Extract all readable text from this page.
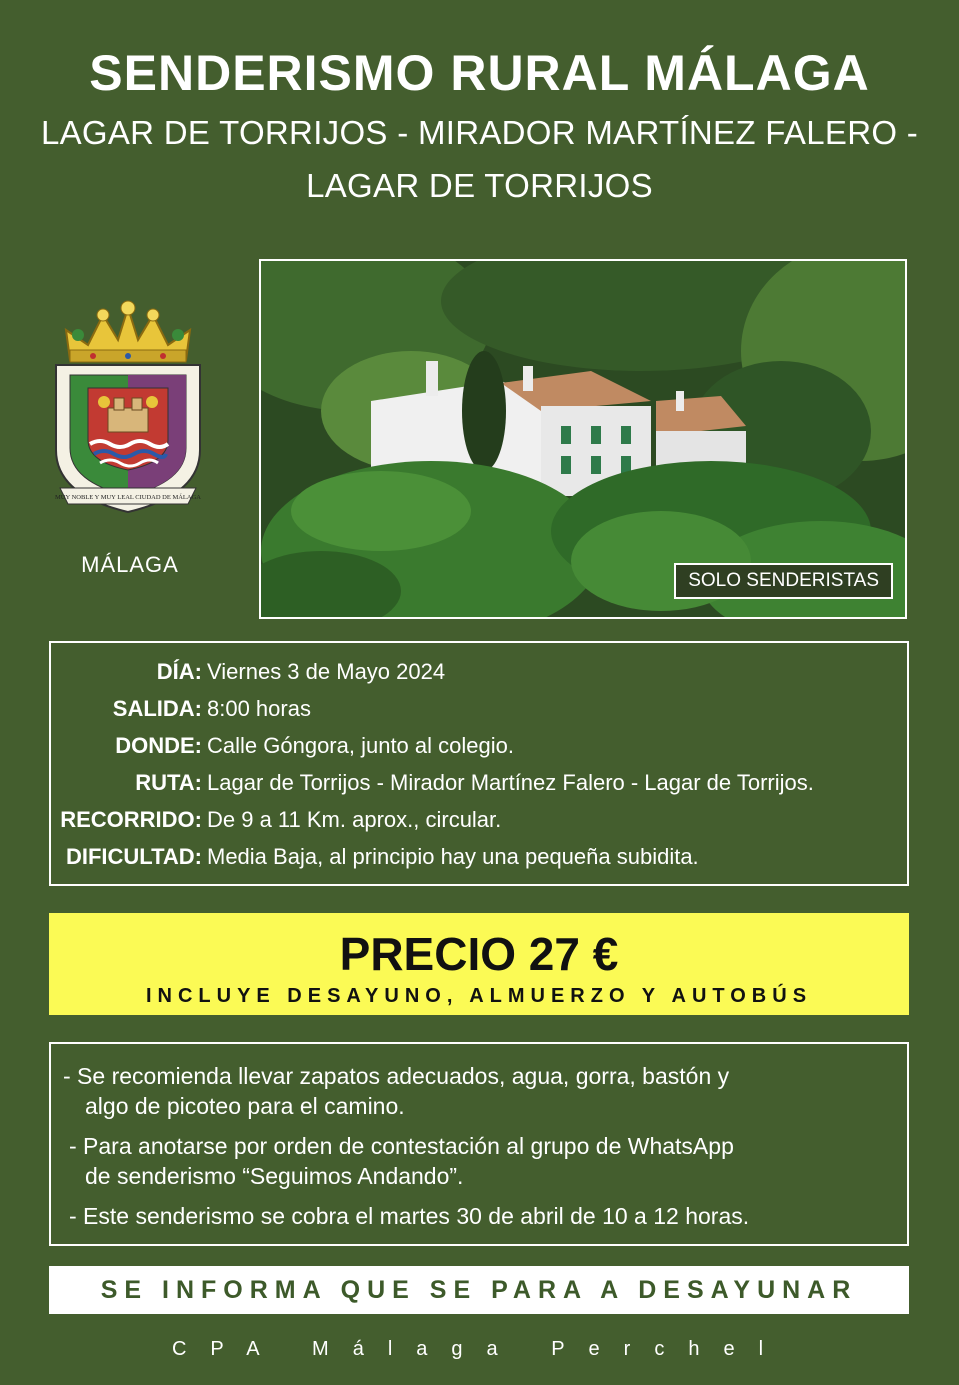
SENDERISMO RURAL MÁLAGA
LAGAR DE TORRIJOS - MIRADOR MARTÍNEZ FALERO -
LAGAR DE TORRIJOS
MUY NOBLE Y MUY LEAL CIUDAD DE MÁLAGA
MÁLAGA
SOLO SENDERISTAS
DÍA: Viernes 3 de Mayo 2024
SALIDA: 8:00 horas
DONDE: Calle Góngora, junto al colegio.
RUTA: Lagar de Torrijos - Mirador Martínez Falero - Lagar de Torrijos.
RECORRIDO: De 9 a 11 Km. aprox., circular.
DIFICULTAD: Media Baja, al principio hay una pequeña subidita.
PRECIO 27 €
INCLUYE DESAYUNO, ALMUERZO Y AUTOBÚS
- Se recomienda llevar zapatos adecuados, agua, gorra, bastón y
algo de picoteo para el camino.
- Para anotarse por orden de contestación al grupo de WhatsApp
de senderismo “Seguimos Andando”.
- Este senderismo se cobra el martes 30 de abril de 10 a 12 horas.
SE INFORMA QUE SE PARA A DESAYUNAR
CPA Málaga Perchel
